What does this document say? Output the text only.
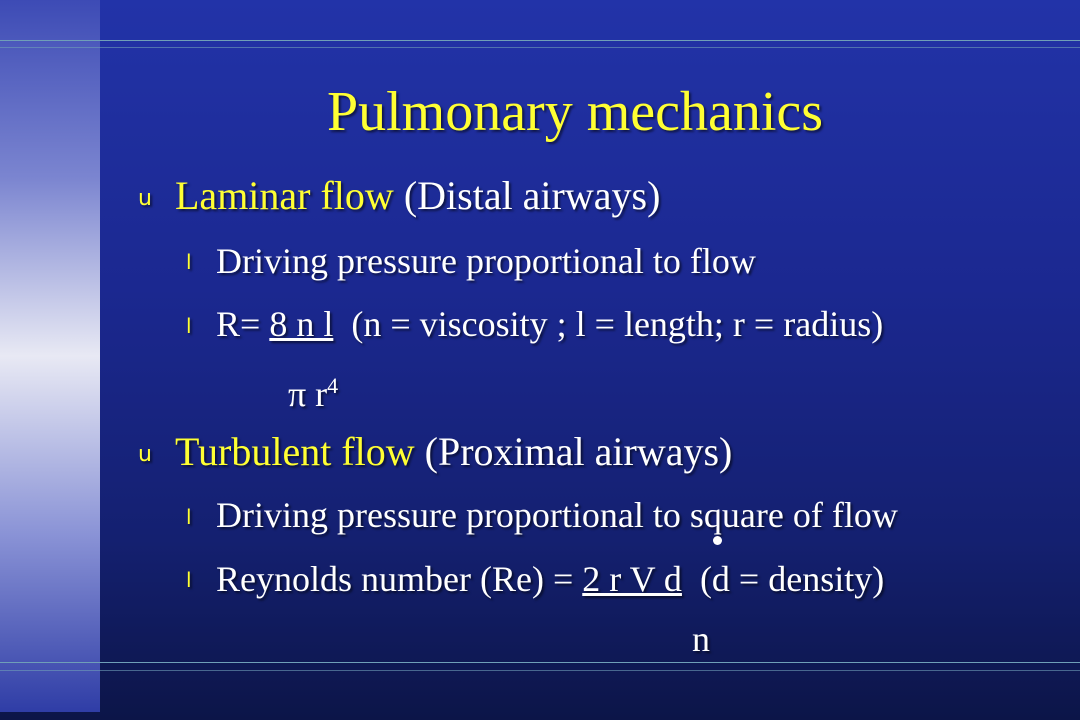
Pulmonary mechanics
u Laminar flow (Distal airways)
l Driving pressure proportional to flow
l R= 8 n l (n = viscosity ; l = length; r = radius)
π $r^4$
u Turbulent flow (Proximal airways)
l Driving pressure proportional to square of flow
l Reynolds number (Re) = 2 r V d (d = density)
n
